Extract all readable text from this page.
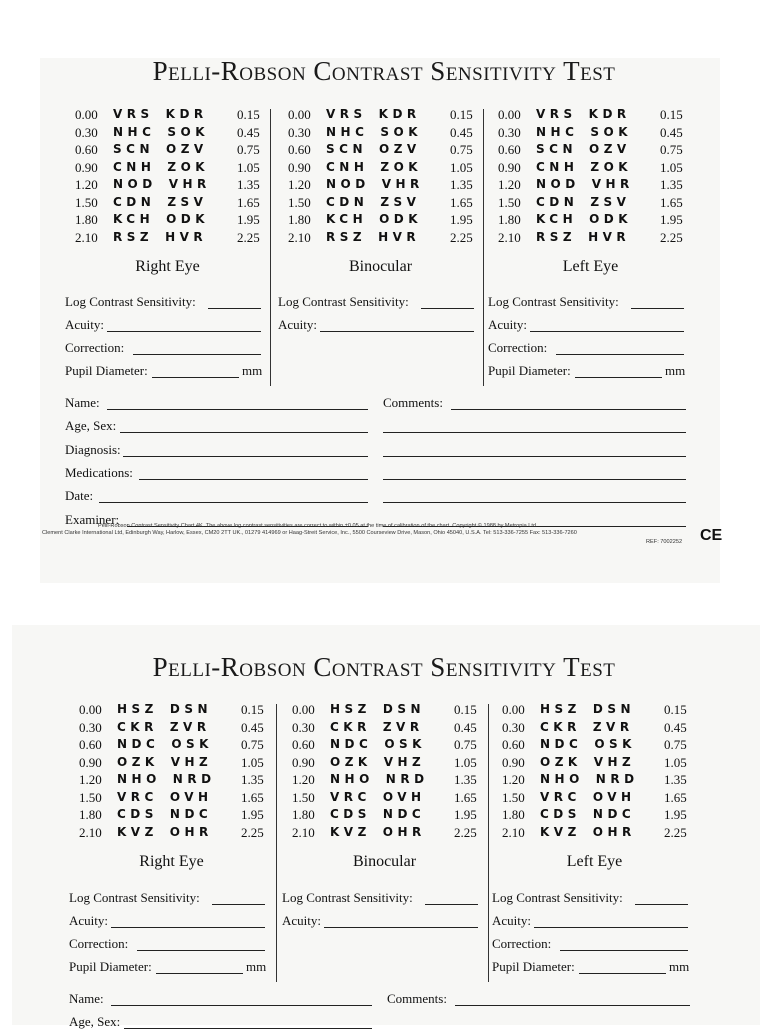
Pelli-Robson Contrast Sensitivity Test
0.00 VRS KDR 0.15
0.30 NHC SOK 0.45
0.60 SCN OZV 0.75
0.90 CNH ZOK 1.05
1.20 NOD VHR 1.35
1.50 CDN ZSV 1.65
1.80 KCH ODK 1.95
2.10 RSZ HVR 2.25
Right Eye
Log Contrast Sensitivity:
Acuity:
Correction:
Pupil Diameter:	mm
0.00 VRS KDR 0.15
0.30 NHC SOK 0.45
0.60 SCN OZV 0.75
0.90 CNH ZOK 1.05
1.20 NOD VHR 1.35
1.50 CDN ZSV 1.65
1.80 KCH ODK 1.95
2.10 RSZ HVR 2.25
Binocular
Log Contrast Sensitivity:
Acuity:
0.00 VRS KDR 0.15
0.30 NHC SOK 0.45
0.60 SCN OZV 0.75
0.90 CNH ZOK 1.05
1.20 NOD VHR 1.35
1.50 CDN ZSV 1.65
1.80 KCH ODK 1.95
2.10 RSZ HVR 2.25
Left Eye
Log Contrast Sensitivity:
Acuity:
Correction:
Pupil Diameter:	mm
Name:
Age, Sex:
Diagnosis:
Medications:
Date:
Examiner:
Comments:
Pelli-Robson Contrast Sensitivity Chart 4K. The above log contrast sensitivities are correct to within ±0.05 at the time of calibration of the chart. Copyright © 1988 by Metropia Ltd.
Clement Clarke International Ltd, Edinburgh Way, Harlow, Essex, CM20 2TT UK., 01279 414969 or Haag-Streit Service, Inc., 5500 Courseview Drive, Mason, Ohio 45040, U.S.A. Tel: 513-336-7255 Fax: 513-336-7260
REF: 7002252 CE
Pelli-Robson Contrast Sensitivity Test
0.00 HSZ DSN 0.15
0.30 CKR ZVR 0.45
0.60 NDC OSK 0.75
0.90 OZK VHZ 1.05
1.20 NHO NRD 1.35
1.50 VRC OVH 1.65
1.80 CDS NDC 1.95
2.10 KVZ OHR 2.25
Right Eye
Log Contrast Sensitivity:
Acuity:
Correction:
Pupil Diameter:	mm
0.00 HSZ DSN 0.15
0.30 CKR ZVR 0.45
0.60 NDC OSK 0.75
0.90 OZK VHZ 1.05
1.20 NHO NRD 1.35
1.50 VRC OVH 1.65
1.80 CDS NDC 1.95
2.10 KVZ OHR 2.25
Binocular
Log Contrast Sensitivity:
Acuity:
0.00 HSZ DSN 0.15
0.30 CKR ZVR 0.45
0.60 NDC OSK 0.75
0.90 OZK VHZ 1.05
1.20 NHO NRD 1.35
1.50 VRC OVH 1.65
1.80 CDS NDC 1.95
2.10 KVZ OHR 2.25
Left Eye
Log Contrast Sensitivity:
Acuity:
Correction:
Pupil Diameter:	mm
Name:
Age, Sex:
Comments:
